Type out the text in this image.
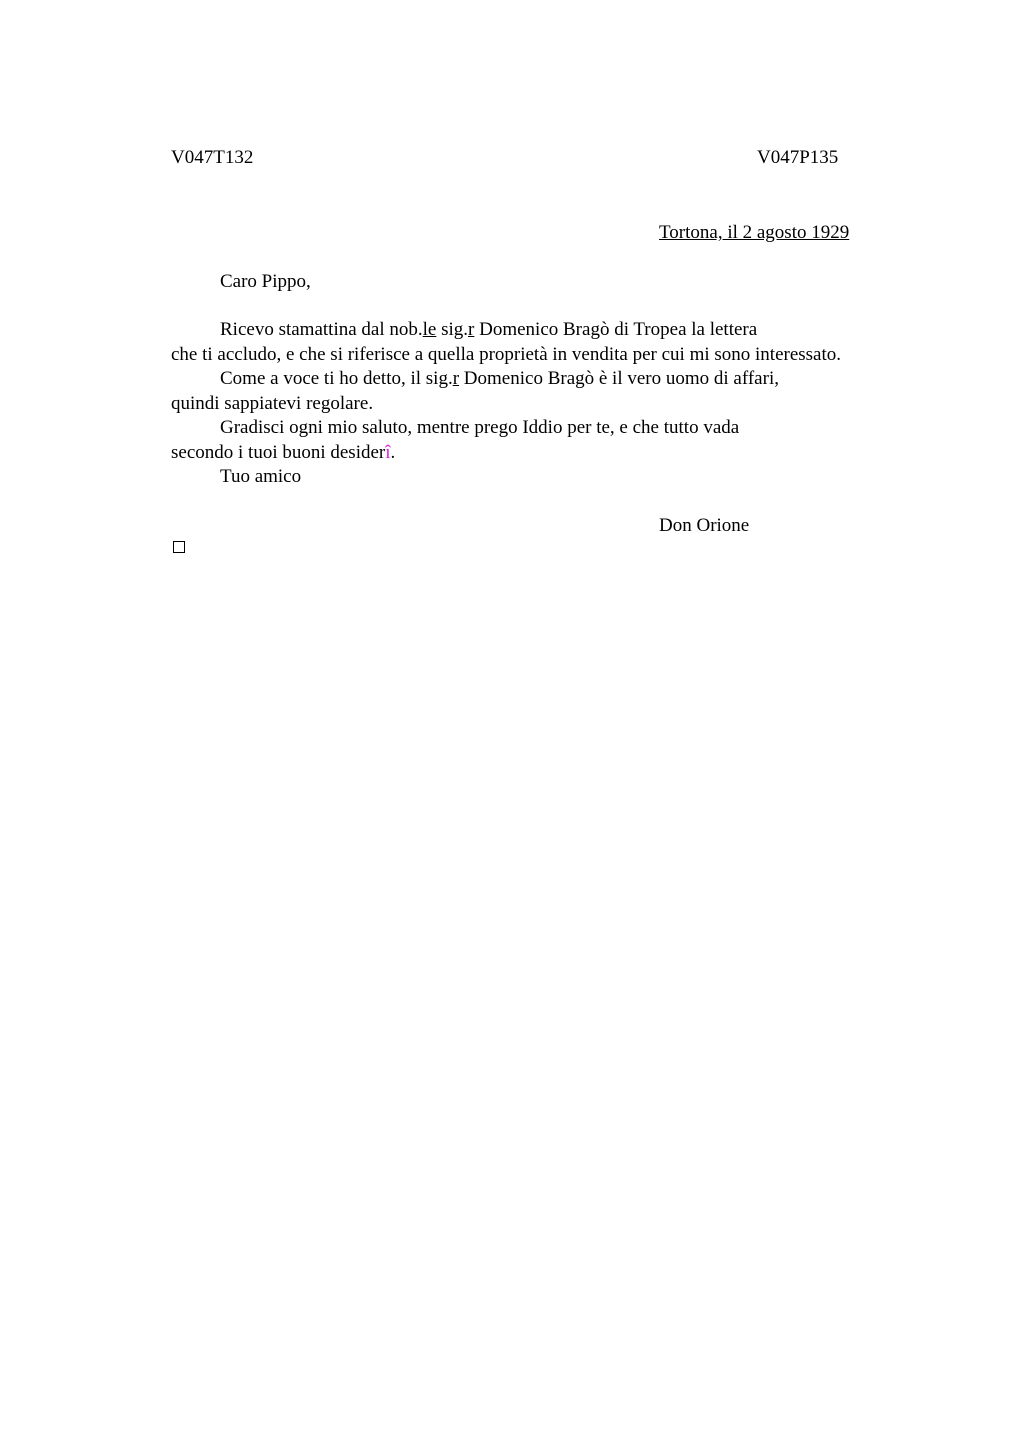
V047T132	V047P135
Tortona, il 2 agosto 1929
Caro Pippo,
Ricevo stamattina dal nob.le sig.r Domenico Bragò di Tropea la lettera
che ti accludo, e che si riferisce a quella proprietà in vendita per cui mi sono interessato.
Come a voce ti ho detto, il sig.r Domenico Bragò è il vero uomo di affari,
quindi sappiatevi regolare.
Gradisci ogni mio saluto, mentre prego Iddio per te, e che tutto vada
secondo i tuoi buoni desiderî.
Tuo amico
Don Orione
